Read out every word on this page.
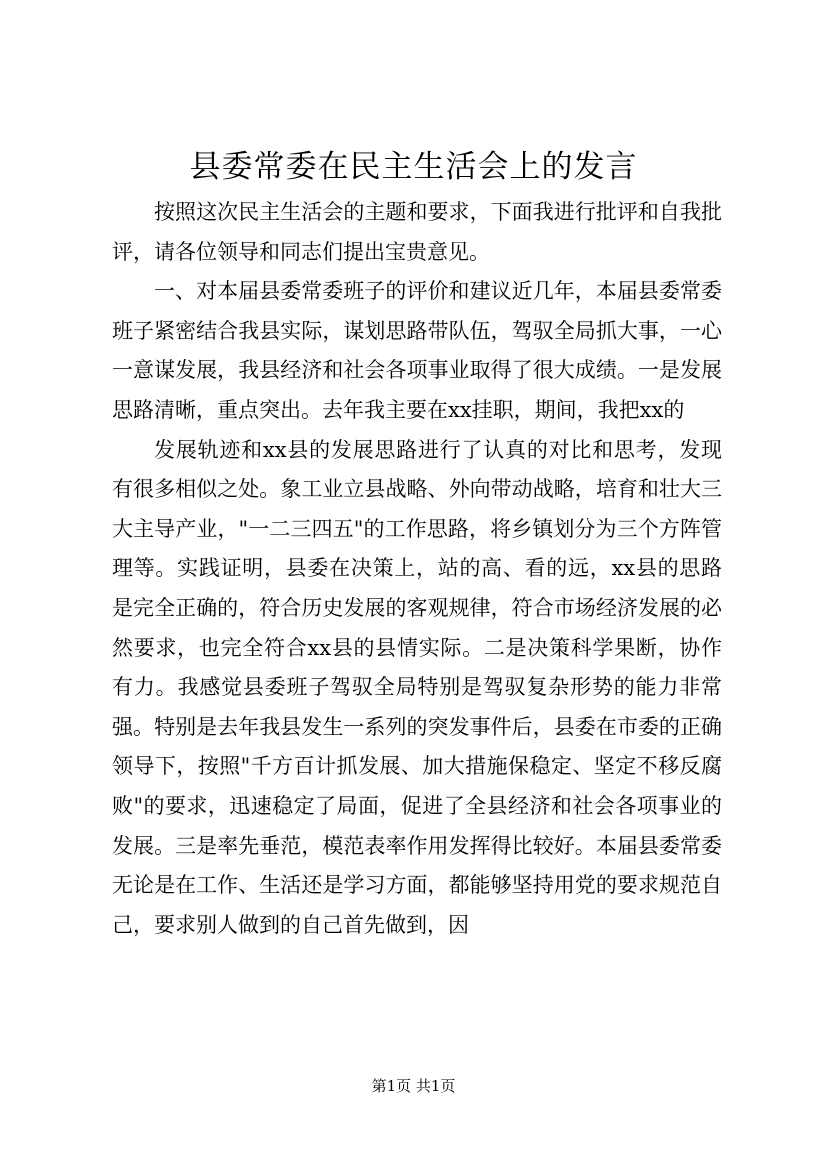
县委常委在民主生活会上的发言

按照这次民主生活会的主题和要求，下面我进行批评和自我批评，请各位领导和同志们提出宝贵意见。

一、对本届县委常委班子的评价和建议近几年，本届县委常委班子紧密结合我县实际，谋划思路带队伍，驾驭全局抓大事，一心一意谋发展，我县经济和社会各项事业取得了很大成绩。一是发展思路清晰，重点突出。去年我主要在xx挂职，期间，我把xx的

发展轨迹和xx县的发展思路进行了认真的对比和思考，发现有很多相似之处。象工业立县战略、外向带动战略，培育和壮大三大主导产业，"一二三四五"的工作思路，将乡镇划分为三个方阵管理等。实践证明，县委在决策上，站的高、看的远，xx县的思路是完全正确的，符合历史发展的客观规律，符合市场经济发展的必然要求，也完全符合xx县的县情实际。二是决策科学果断，协作有力。我感觉县委班子驾驭全局特别是驾驭复杂形势的能力非常强。特别是去年我县发生一系列的突发事件后，县委在市委的正确领导下，按照"千方百计抓发展、加大措施保稳定、坚定不移反腐败"的要求，迅速稳定了局面，促进了全县经济和社会各项事业的发展。三是率先垂范，模范表率作用发挥得比较好。本届县委常委无论是在工作、生活还是学习方面，都能够坚持用党的要求规范自己，要求别人做到的自己首先做到，因

第1页 共1页
